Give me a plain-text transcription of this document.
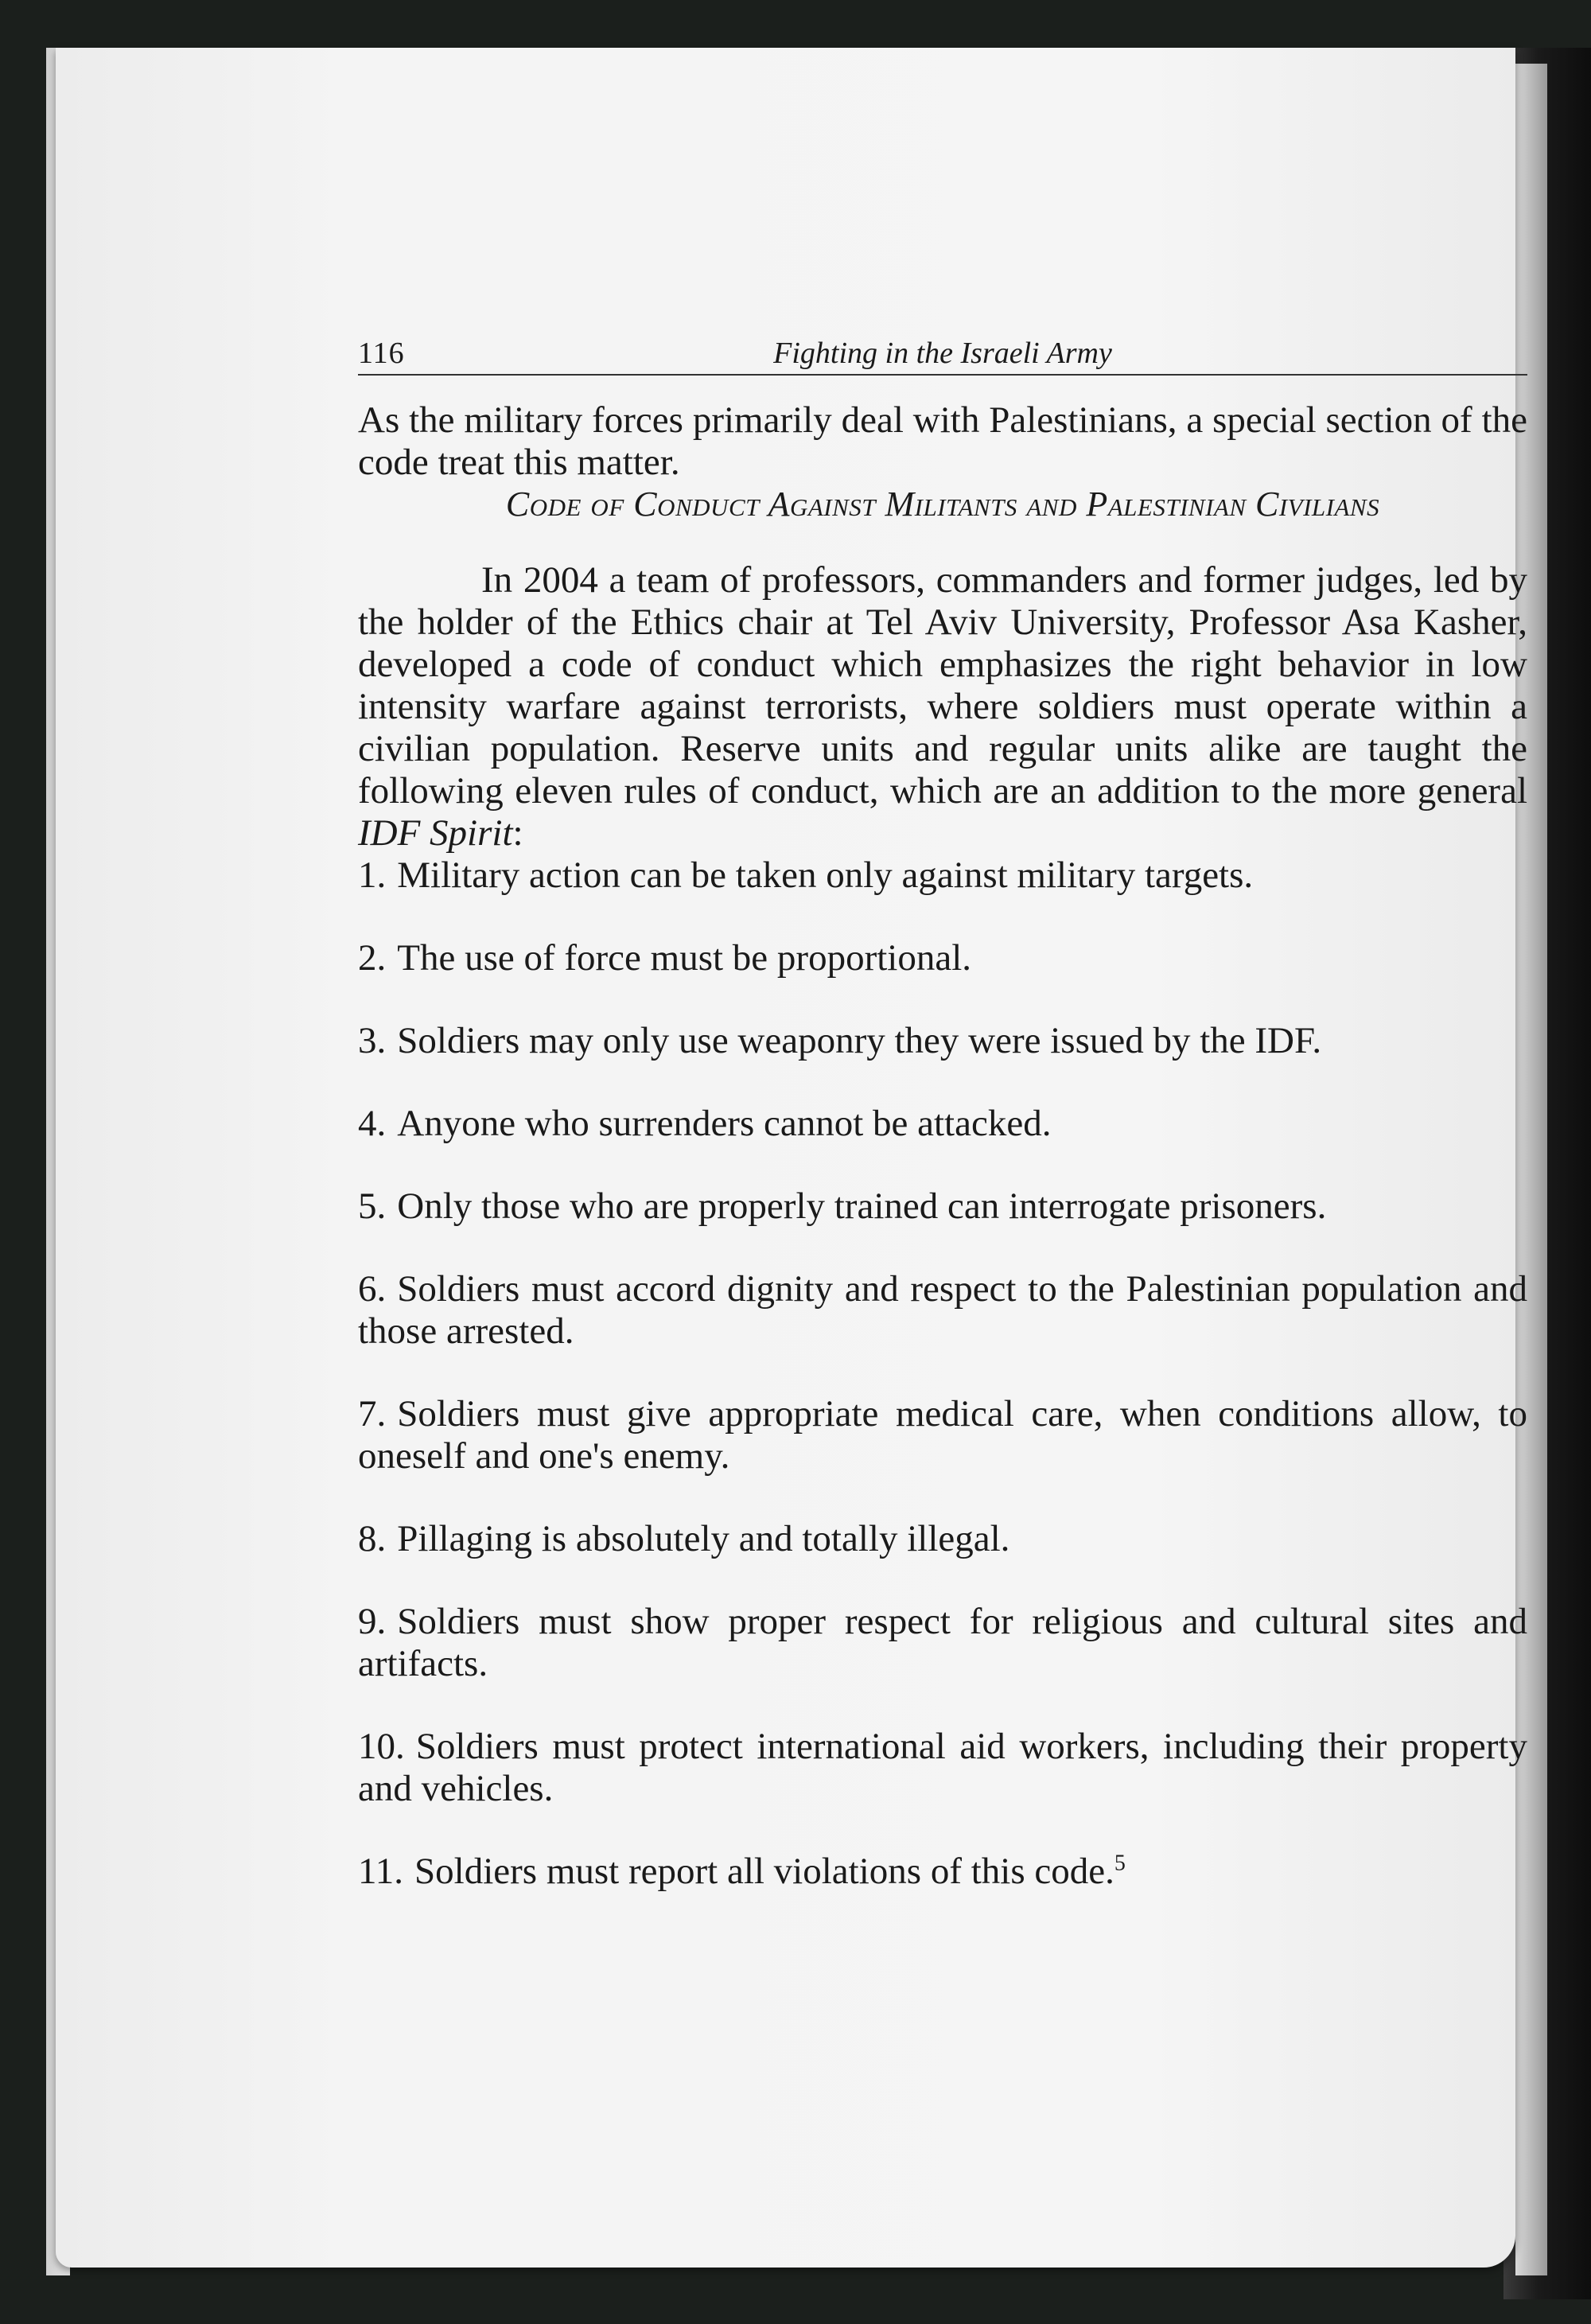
116	Fighting in the Israeli Army

As the military forces primarily deal with Palestinians, a special section of the code treat this matter.

Code of Conduct Against Militants and Palestinian Civilians

In 2004 a team of professors, commanders and former judges, led by the holder of the Ethics chair at Tel Aviv University, Professor Asa Kasher, developed a code of conduct which emphasizes the right behavior in low intensity warfare against terrorists, where soldiers must operate within a civilian population. Reserve units and regular units alike are taught the following eleven rules of conduct, which are an addition to the more general IDF Spirit:

1. Military action can be taken only against military targets.
2. The use of force must be proportional.
3. Soldiers may only use weaponry they were issued by the IDF.
4. Anyone who surrenders cannot be attacked.
5. Only those who are properly trained can interrogate prisoners.
6. Soldiers must accord dignity and respect to the Palestinian population and those arrested.
7. Soldiers must give appropriate medical care, when conditions allow, to oneself and one's enemy.
8. Pillaging is absolutely and totally illegal.
9. Soldiers must show proper respect for religious and cultural sites and artifacts.
10. Soldiers must protect international aid workers, including their property and vehicles.
11. Soldiers must report all violations of this code.$^5$
